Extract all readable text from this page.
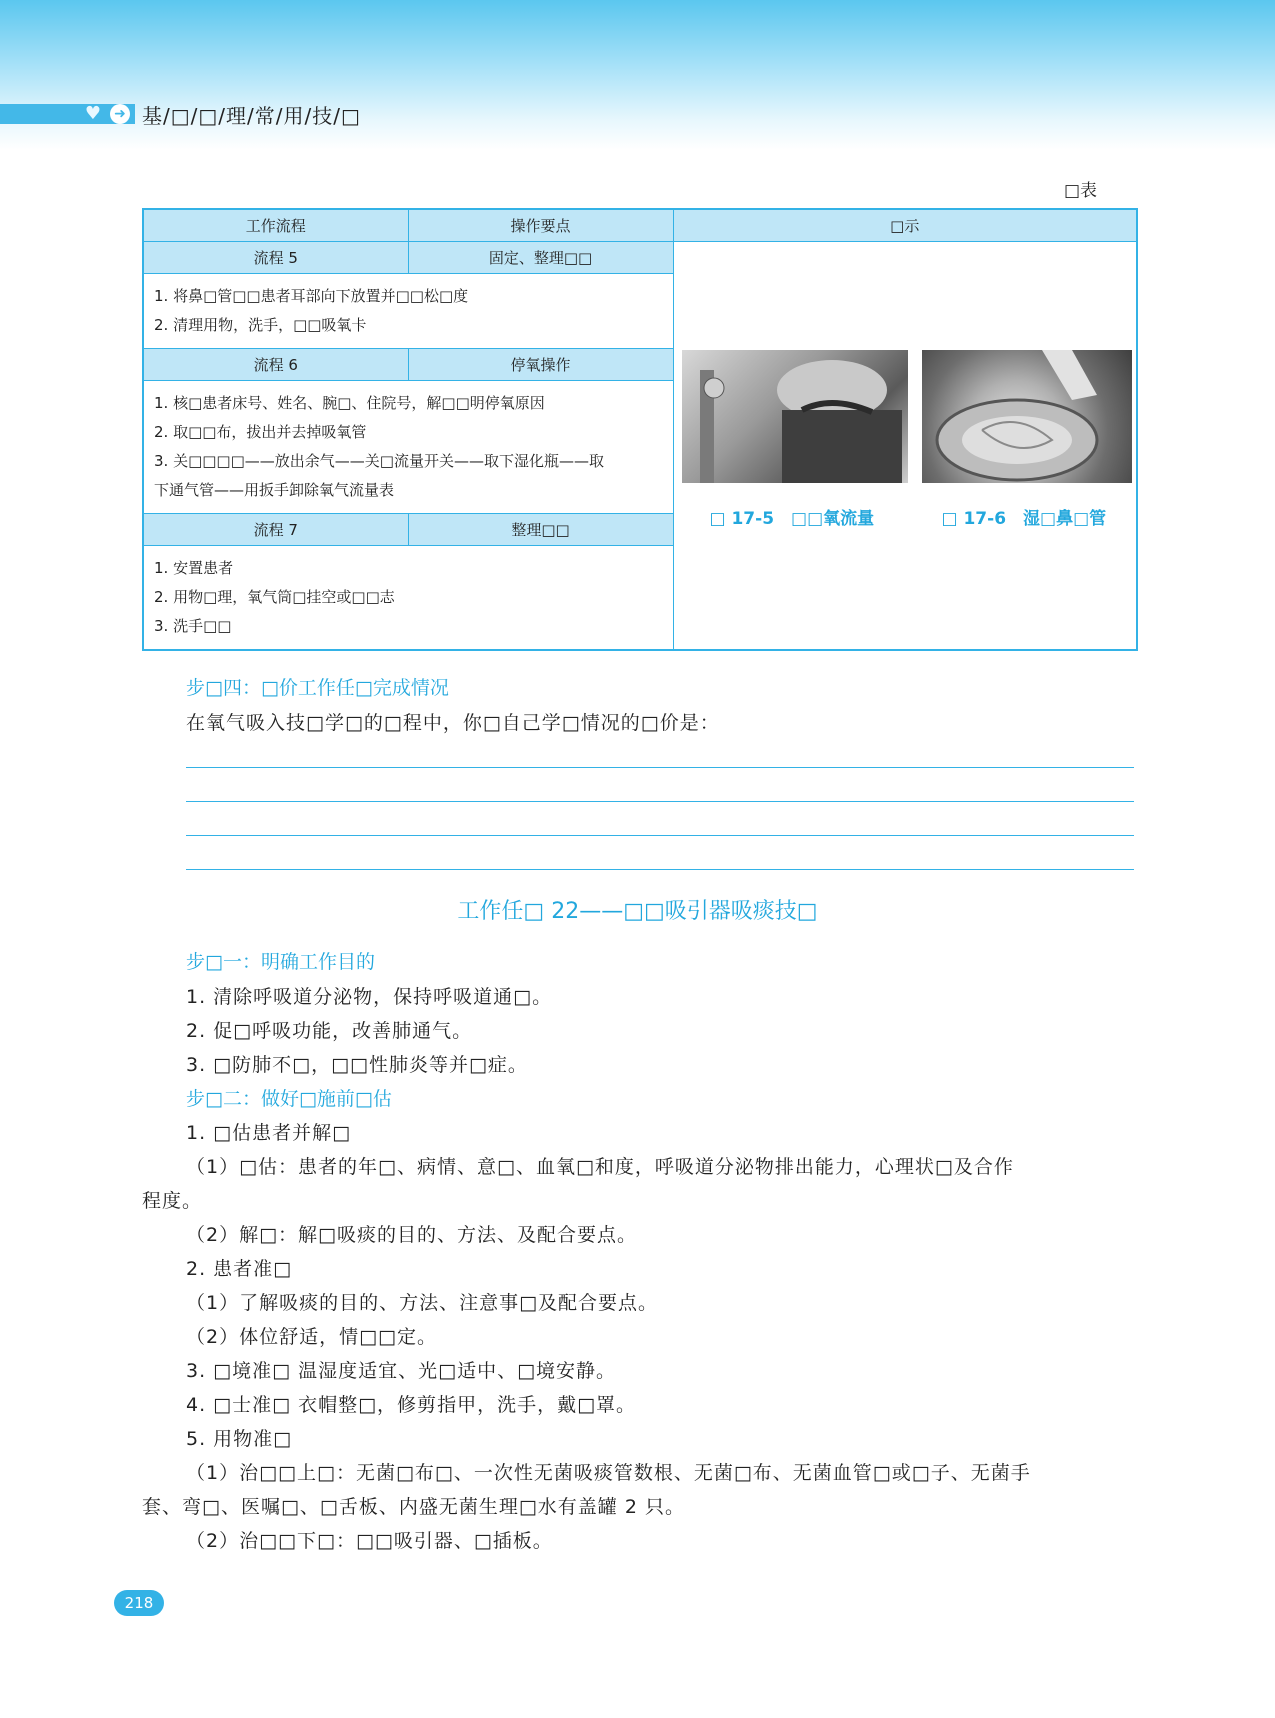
♥ ➜ 基/□/□/理/常/用/技/□
□表
工作流程	操作要点	□示
流程 5	固定、整理□□	□ 17-5　□□氧流量 □ 17-6　湿□鼻□管

1. 将鼻□管□□患者耳部向下放置并□□松□度
2. 清理用物，洗手，□□吸氧卡		

流程 6	停氧操作	

1. 核□患者床号、姓名、腕□、住院号，解□□明停氧原因
2. 取□□布，拔出并去掉吸氧管
3. 关□□□□——放出余气——关□流量开关——取下湿化瓶——取
下通气管——用扳手卸除氧气流量表		

流程 7	整理□□	

1. 安置患者
2. 用物□理，氧气筒□挂空或□□志
3. 洗手□□		
步□四：□价工作任□完成情况
在氧气吸入技□学□的□程中，你□自己学□情况的□价是：
工作任□ 22——□□吸引器吸痰技□
步□一：明确工作目的
1. 清除呼吸道分泌物，保持呼吸道通□。
2. 促□呼吸功能，改善肺通气。
3. □防肺不□，□□性肺炎等并□症。
步□二：做好□施前□估
1. □估患者并解□
（1）□估：患者的年□、病情、意□、血氧□和度，呼吸道分泌物排出能力，心理状□及合作
程度。
（2）解□：解□吸痰的目的、方法、及配合要点。
2. 患者准□
（1）了解吸痰的目的、方法、注意事□及配合要点。
（2）体位舒适，情□□定。
3. □境准□ 温湿度适宜、光□适中、□境安静。
4. □士准□ 衣帽整□，修剪指甲，洗手，戴□罩。
5. 用物准□
（1）治□□上□：无菌□布□、一次性无菌吸痰管数根、无菌□布、无菌血管□或□子、无菌手
套、弯□、医嘱□、□舌板、内盛无菌生理□水有盖罐 2 只。
（2）治□□下□：□□吸引器、□插板。
218
